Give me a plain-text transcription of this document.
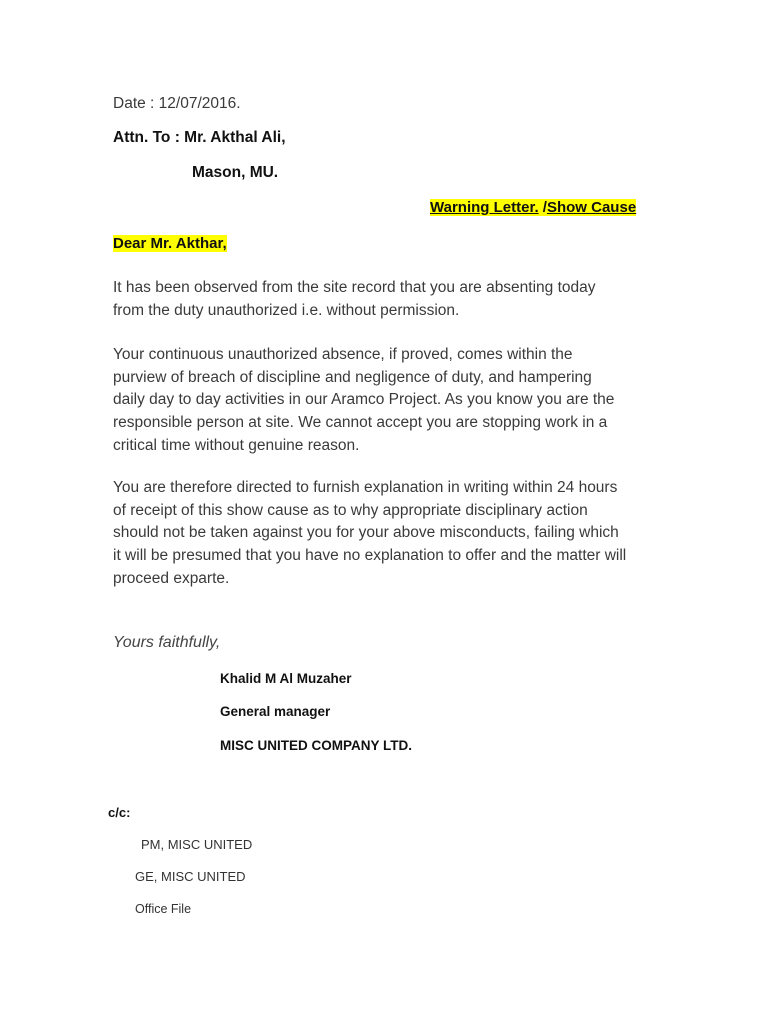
Date : 12/07/2016.
Attn. To : Mr. Akthal Ali,
Mason, MU.
Warning Letter. /Show Cause
Dear Mr. Akthar,
It has been observed from the site record that you are absenting today
from the duty unauthorized i.e. without permission.
Your continuous unauthorized absence, if proved, comes within the
purview of breach of discipline and negligence of duty, and hampering
daily day to day activities in our Aramco Project. As you know you are the
responsible person at site. We cannot accept you are stopping work in a
critical time without genuine reason.
You are therefore directed to furnish explanation in writing within 24 hours
of receipt of this show cause as to why appropriate disciplinary action
should not be taken against you for your above misconducts, failing which
it will be presumed that you have no explanation to offer and the matter will
proceed exparte.
Yours faithfully,
Khalid M Al Muzaher
General manager
MISC UNITED COMPANY LTD.
c/c:
PM, MISC UNITED
GE, MISC UNITED
Office File
